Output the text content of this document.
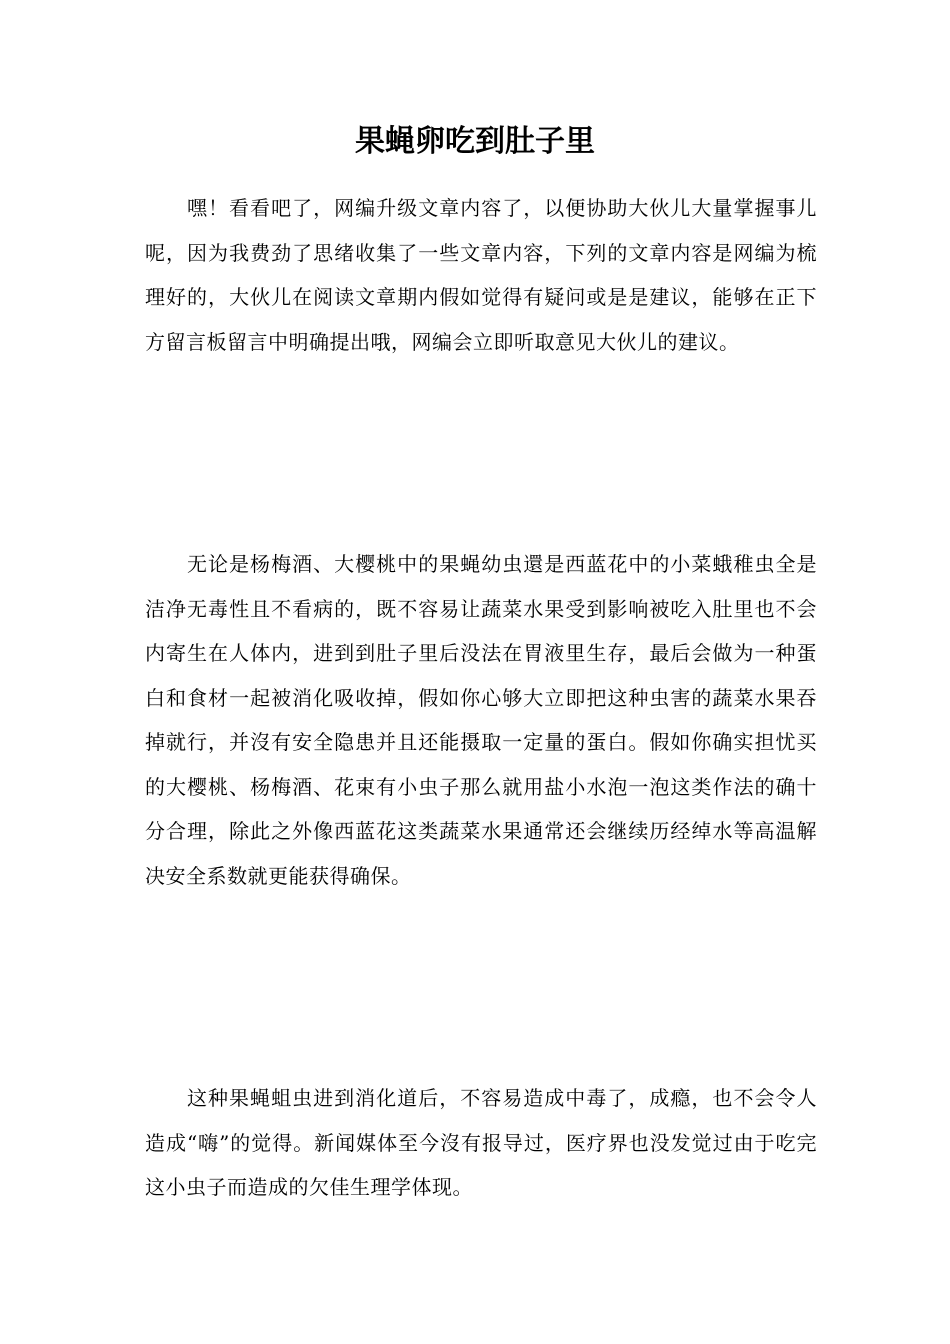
果蝇卵吃到肚子里

嘿！看看吧了，网编升级文章内容了，以便协助大伙儿大量掌握事儿呢，因为我费劲了思绪收集了一些文章内容，下列的文章内容是网编为梳理好的，大伙儿在阅读文章期内假如觉得有疑问或是是建议，能够在正下方留言板留言中明确提出哦，网编会立即听取意见大伙儿的建议。

无论是杨梅酒、大樱桃中的果蝇幼虫還是西蓝花中的小菜蛾稚虫全是洁净无毒性且不看病的，既不容易让蔬菜水果受到影响被吃入肚里也不会内寄生在人体内，进到到肚子里后没法在胃液里生存，最后会做为一种蛋白和食材一起被消化吸收掉，假如你心够大立即把这种虫害的蔬菜水果吞掉就行，并沒有安全隐患并且还能摄取一定量的蛋白。假如你确实担忧买的大樱桃、杨梅酒、花束有小虫子那么就用盐小水泡一泡这类作法的确十分合理，除此之外像西蓝花这类蔬菜水果通常还会继续历经绰水等高温解决安全系数就更能获得确保。

这种果蝇蛆虫进到消化道后，不容易造成中毒了，成瘾，也不会令人造成“嗨”的觉得。新闻媒体至今沒有报导过，医疗界也没发觉过由于吃完这小虫子而造成的欠佳生理学体现。
